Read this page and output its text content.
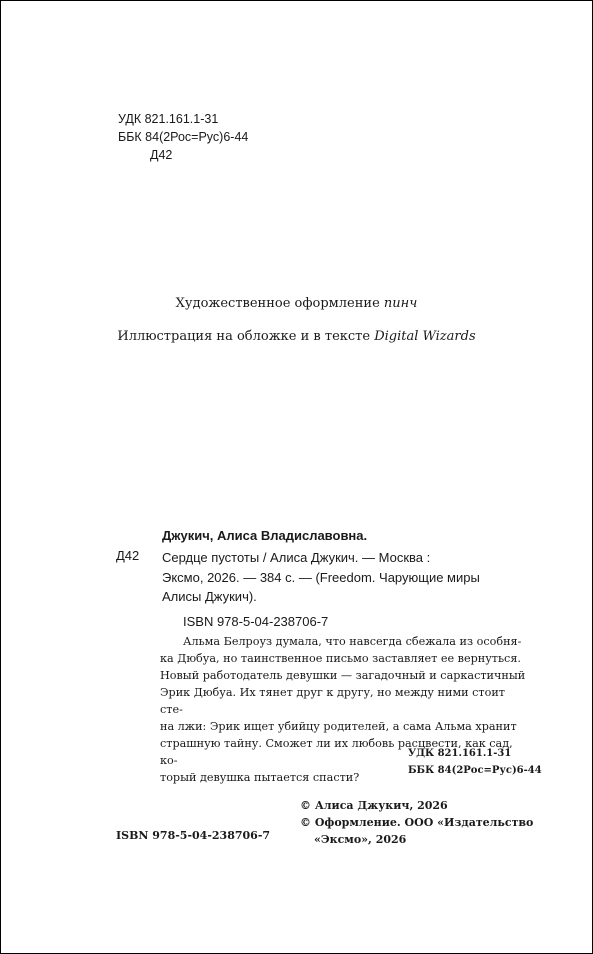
УДК 821.161.1-31
ББК 84(2Рос=Рус)6-44
Д42
Художественное оформление пинч
Иллюстрация на обложке и в тексте Digital Wizards
Джукич, Алиса Владиславовна.
Д42 Сердце пустоты / Алиса Джукич. — Москва :
Эксмо, 2026. — 384 с. — (Freedom. Чарующие миры
Алисы Джукич).
ISBN 978-5-04-238706-7
Альма Белроуз думала, что навсегда сбежала из особня-
ка Дюбуа, но таинственное письмо заставляет ее вернуться.
Новый работодатель девушки — загадочный и саркастичный
Эрик Дюбуа. Их тянет друг к другу, но между ними стоит сте-
на лжи: Эрик ищет убийцу родителей, а сама Альма хранит
страшную тайну. Сможет ли их любовь расцвести, как сад, ко-
торый девушка пытается спасти?
УДК 821.161.1-31
ББК 84(2Рос=Рус)6-44
© Алиса Джукич, 2026
© Оформление. ООО «Издательство
«Эксмо», 2026
ISBN 978-5-04-238706-7
